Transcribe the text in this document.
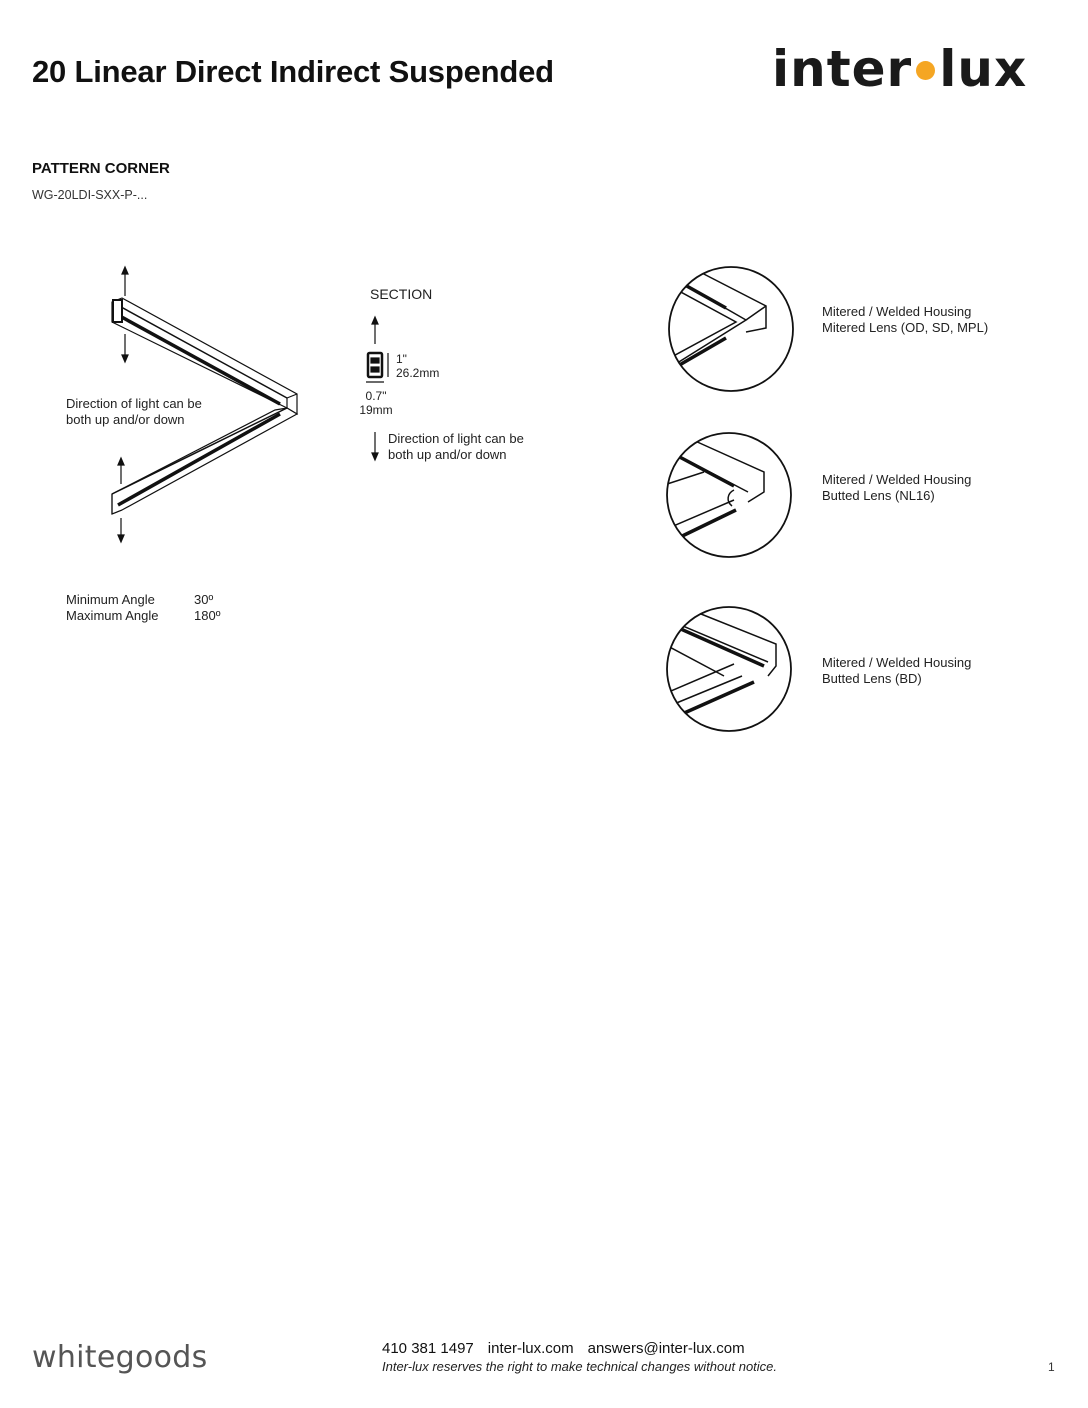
20 Linear Direct Indirect Suspended	inter lux
PATTERN CORNER
WG-20LDI-SXX-P-...
Direction of light can be
both up and/or down
SECTION
1"
26.2mm
0.7"
19mm
Direction of light can be
both up and/or down
Minimum Angle	30º
Maximum Angle	180º
Mitered / Welded Housing
Mitered Lens (OD, SD, MPL)
Mitered / Welded Housing
Butted Lens (NL16)
Mitered / Welded Housing
Butted Lens (BD)
whitegoods	410 381 1497 inter-lux.com answers@inter-lux.com
Inter-lux reserves the right to make technical changes without notice.	1
